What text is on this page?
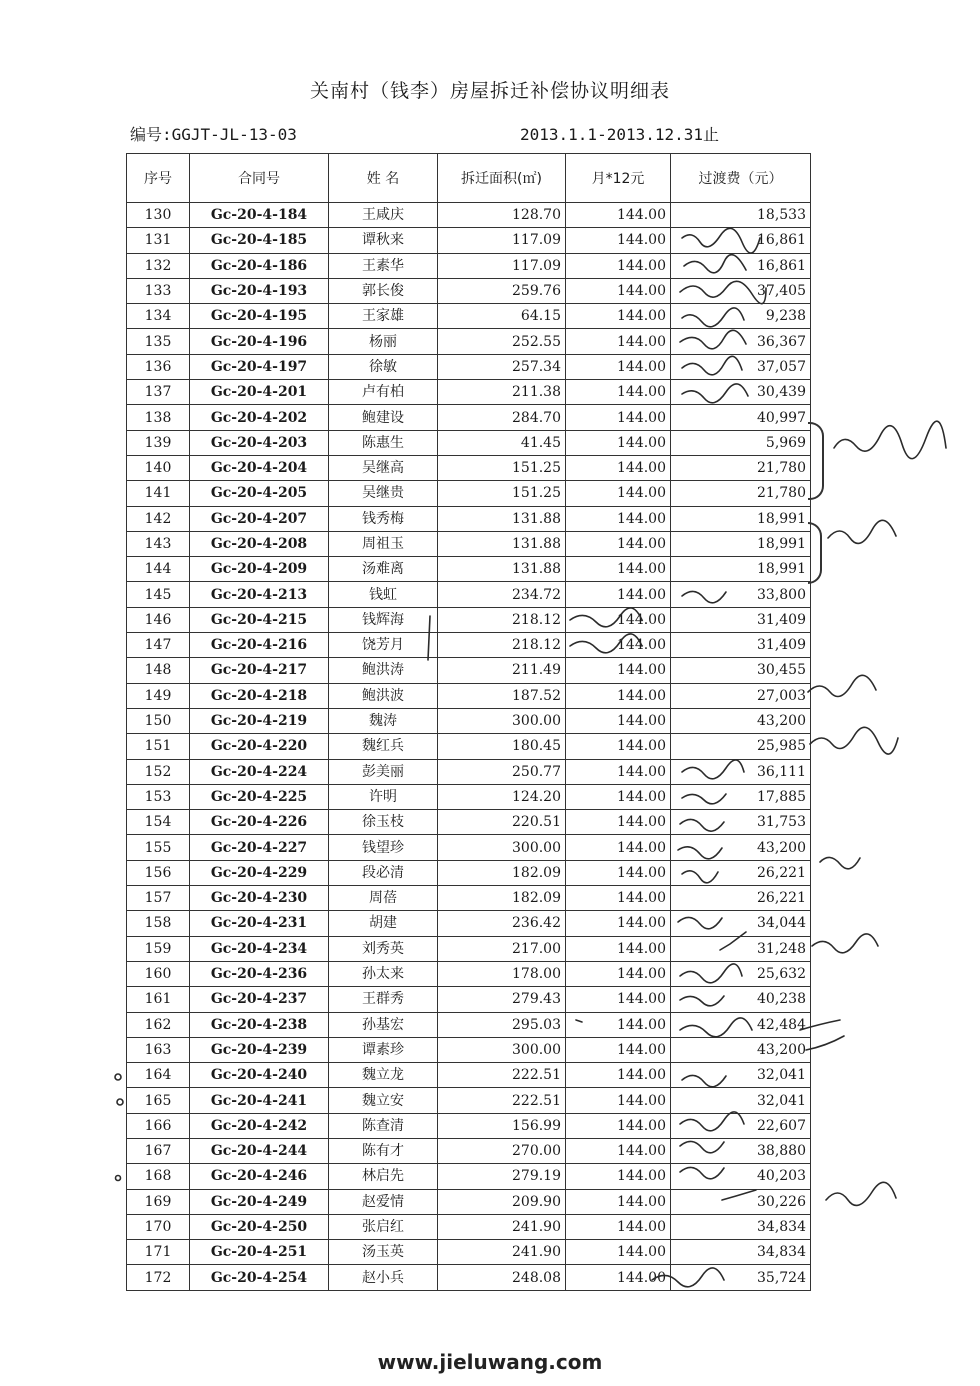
关南村（钱李）房屋拆迁补偿协议明细表
编号:GGJT-JL-13-03	2013.1.1-2013.12.31止
序号	合同号	姓 名	拆迁面积(㎡)	月*12元	过渡费（元）
130	Gc-20-4-184	王咸庆	128.70	144.00	18,533
131	Gc-20-4-185	谭秋来	117.09	144.00	16,861
132	Gc-20-4-186	王素华	117.09	144.00	16,861
133	Gc-20-4-193	郭长俊	259.76	144.00	37,405
134	Gc-20-4-195	王家雄	64.15	144.00	9,238
135	Gc-20-4-196	杨丽	252.55	144.00	36,367
136	Gc-20-4-197	徐敏	257.34	144.00	37,057
137	Gc-20-4-201	卢有柏	211.38	144.00	30,439
138	Gc-20-4-202	鲍建设	284.70	144.00	40,997
139	Gc-20-4-203	陈惠生	41.45	144.00	5,969
140	Gc-20-4-204	吴继高	151.25	144.00	21,780
141	Gc-20-4-205	吴继贵	151.25	144.00	21,780
142	Gc-20-4-207	钱秀梅	131.88	144.00	18,991
143	Gc-20-4-208	周祖玉	131.88	144.00	18,991
144	Gc-20-4-209	汤难离	131.88	144.00	18,991
145	Gc-20-4-213	钱虹	234.72	144.00	33,800
146	Gc-20-4-215	钱辉海	218.12	144.00	31,409
147	Gc-20-4-216	饶芳月	218.12	144.00	31,409
148	Gc-20-4-217	鲍洪涛	211.49	144.00	30,455
149	Gc-20-4-218	鲍洪波	187.52	144.00	27,003
150	Gc-20-4-219	魏涛	300.00	144.00	43,200
151	Gc-20-4-220	魏红兵	180.45	144.00	25,985
152	Gc-20-4-224	彭美丽	250.77	144.00	36,111
153	Gc-20-4-225	许明	124.20	144.00	17,885
154	Gc-20-4-226	徐玉枝	220.51	144.00	31,753
155	Gc-20-4-227	钱望珍	300.00	144.00	43,200
156	Gc-20-4-229	段必清	182.09	144.00	26,221
157	Gc-20-4-230	周蓓	182.09	144.00	26,221
158	Gc-20-4-231	胡建	236.42	144.00	34,044
159	Gc-20-4-234	刘秀英	217.00	144.00	31,248
160	Gc-20-4-236	孙太来	178.00	144.00	25,632
161	Gc-20-4-237	王群秀	279.43	144.00	40,238
162	Gc-20-4-238	孙基宏	295.03	144.00	42,484
163	Gc-20-4-239	谭素珍	300.00	144.00	43,200
164	Gc-20-4-240	魏立龙	222.51	144.00	32,041
165	Gc-20-4-241	魏立安	222.51	144.00	32,041
166	Gc-20-4-242	陈查清	156.99	144.00	22,607
167	Gc-20-4-244	陈有才	270.00	144.00	38,880
168	Gc-20-4-246	林启先	279.19	144.00	40,203
169	Gc-20-4-249	赵爱情	209.90	144.00	30,226
170	Gc-20-4-250	张启红	241.90	144.00	34,834
171	Gc-20-4-251	汤玉英	241.90	144.00	34,834
172	Gc-20-4-254	赵小兵	248.08	144.00	35,724
www.jieluwang.com
